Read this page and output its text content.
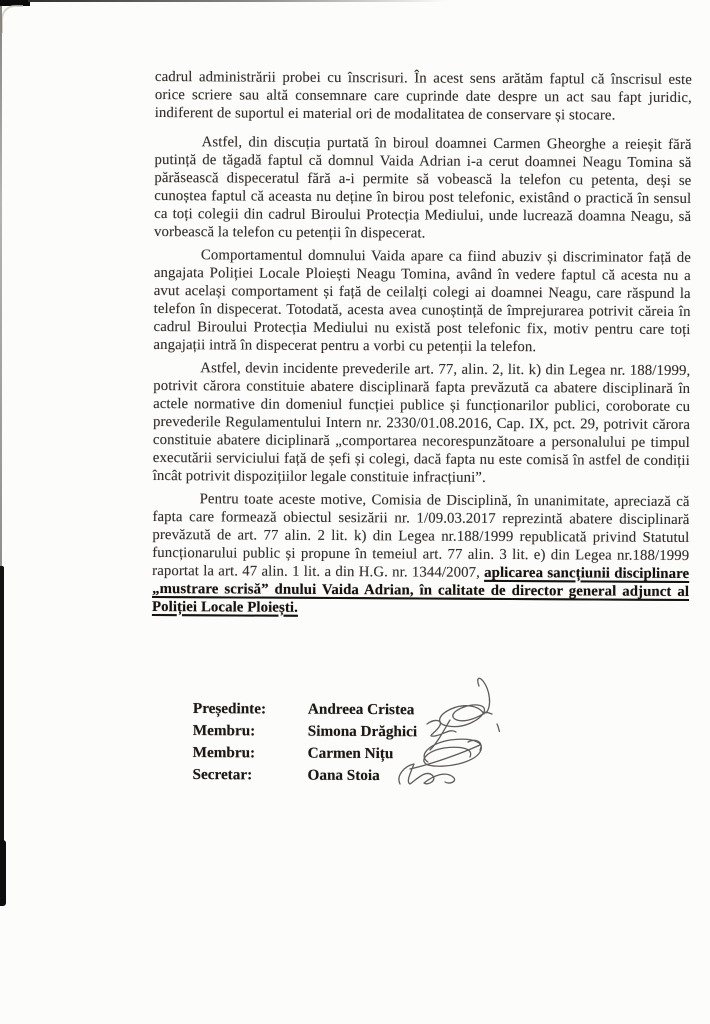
cadrul administrării probei cu înscrisuri. În acest sens arătăm faptul că înscrisul este orice scriere sau altă consemnare care cuprinde date despre un act sau fapt juridic, indiferent de suportul ei material ori de modalitatea de conservare și stocare.

Astfel, din discuția purtată în biroul doamnei Carmen Gheorghe a reieșit fără putință de tăgadă faptul că domnul Vaida Adrian i-a cerut doamnei Neagu Tomina să părăsească dispeceratul fără a-i permite să vobească la telefon cu petenta, deși se cunoștea faptul că aceasta nu deține în birou post telefonic, existând o practică în sensul ca toți colegii din cadrul Biroului Protecția Mediului, unde lucrează doamna Neagu, să vorbească la telefon cu petenții în dispecerat.

Comportamentul domnului Vaida apare ca fiind abuziv și discriminator față de angajata Poliției Locale Ploiești Neagu Tomina, având în vedere faptul că acesta nu a avut același comportament și față de ceilalți colegi ai doamnei Neagu, care răspund la telefon în dispecerat. Totodată, acesta avea cunoștință de împrejurarea potrivit căreia în cadrul Biroului Protecția Mediului nu există post telefonic fix, motiv pentru care toți angajații intră în dispecerat pentru a vorbi cu petenții la telefon.

Astfel, devin incidente prevederile art. 77, alin. 2, lit. k) din Legea nr. 188/1999, potrivit cărora constituie abatere disciplinară fapta prevăzută ca abatere disciplinară în actele normative din domeniul funcției publice și funcționarilor publici, coroborate cu prevederile Regulamentului Intern nr. 2330/01.08.2016, Cap. IX, pct. 29, potrivit cărora constituie abatere diciplinară „comportarea necorespunzătoare a personalului pe timpul executării serviciului față de șefi și colegi, dacă fapta nu este comisă în astfel de condiții încât potrivit dispozițiilor legale constituie infracțiuni”.

Pentru toate aceste motive, Comisia de Disciplină, în unanimitate, apreciază că fapta care formează obiectul sesizării nr. 1/09.03.2017 reprezintă abatere disciplinară prevăzută de art. 77 alin. 2 lit. k) din Legea nr.188/1999 republicată privind Statutul funcționarului public și propune în temeiul art. 77 alin. 3 lit. e) din Legea nr.188/1999 raportat la art. 47 alin. 1 lit. a din H.G. nr. 1344/2007, aplicarea sancțiunii disciplinare „mustrare scrisă” dnului Vaida Adrian, în calitate de director general adjunct al Poliției Locale Ploiești.

Președinte:	Andreea Cristea
Membru:	Simona Drăghici
Membru:	Carmen Nițu
Secretar:	Oana Stoia
